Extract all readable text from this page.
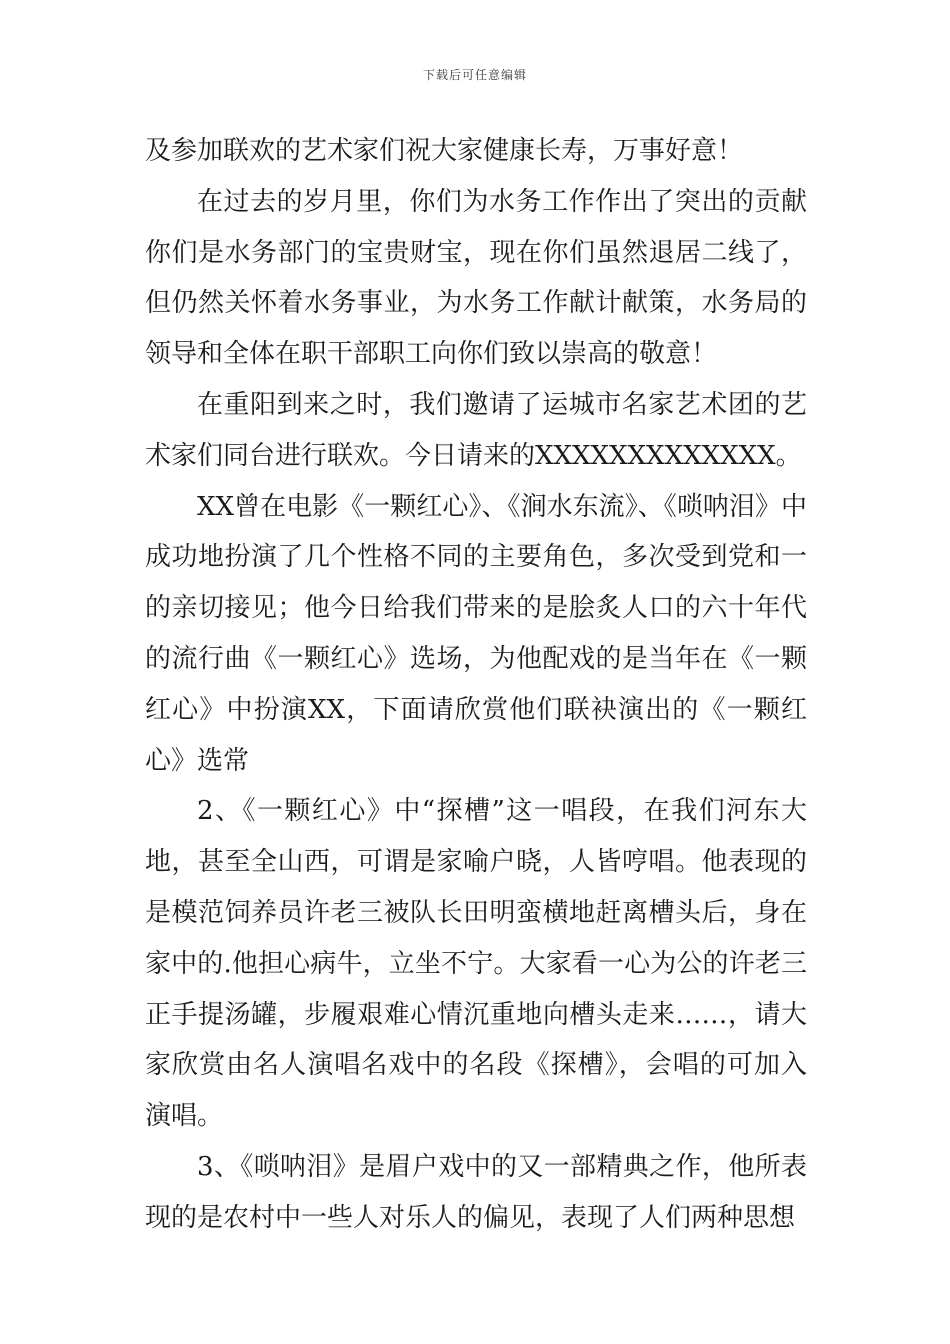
下载后可任意编辑

及参加联欢的艺术家们祝大家健康长寿，万事好意！

在过去的岁月里，你们为水务工作作出了突出的贡献你们是水务部门的宝贵财宝，现在你们虽然退居二线了，但仍然关怀着水务事业，为水务工作献计献策，水务局的领导和全体在职干部职工向你们致以崇高的敬意！

在重阳到来之时，我们邀请了运城市名家艺术团的艺术家们同台进行联欢。今日请来的XXXXXXXXXXXXX。

XX曾在电影《一颗红心》、《涧水东流》、《唢呐泪》中成功地扮演了几个性格不同的主要角色，多次受到党和一的亲切接见；他今日给我们带来的是脍炙人口的六十年代的流行曲《一颗红心》选场，为他配戏的是当年在《一颗红心》中扮演XX，下面请欣赏他们联袂演出的《一颗红心》选常

2、《一颗红心》中“探槽”这一唱段，在我们河东大地，甚至全山西，可谓是家喻户晓，人皆哼唱。他表现的是模范饲养员许老三被队长田明蛮横地赶离槽头后，身在家中的.他担心病牛，立坐不宁。大家看一心为公的许老三正手提汤罐，步履艰难心情沉重地向槽头走来……，请大家欣赏由名人演唱名戏中的名段《探槽》，会唱的可加入演唱。

3、《唢呐泪》是眉户戏中的又一部精典之作，他所表现的是农村中一些人对乐人的偏见，表现了人们两种思想
